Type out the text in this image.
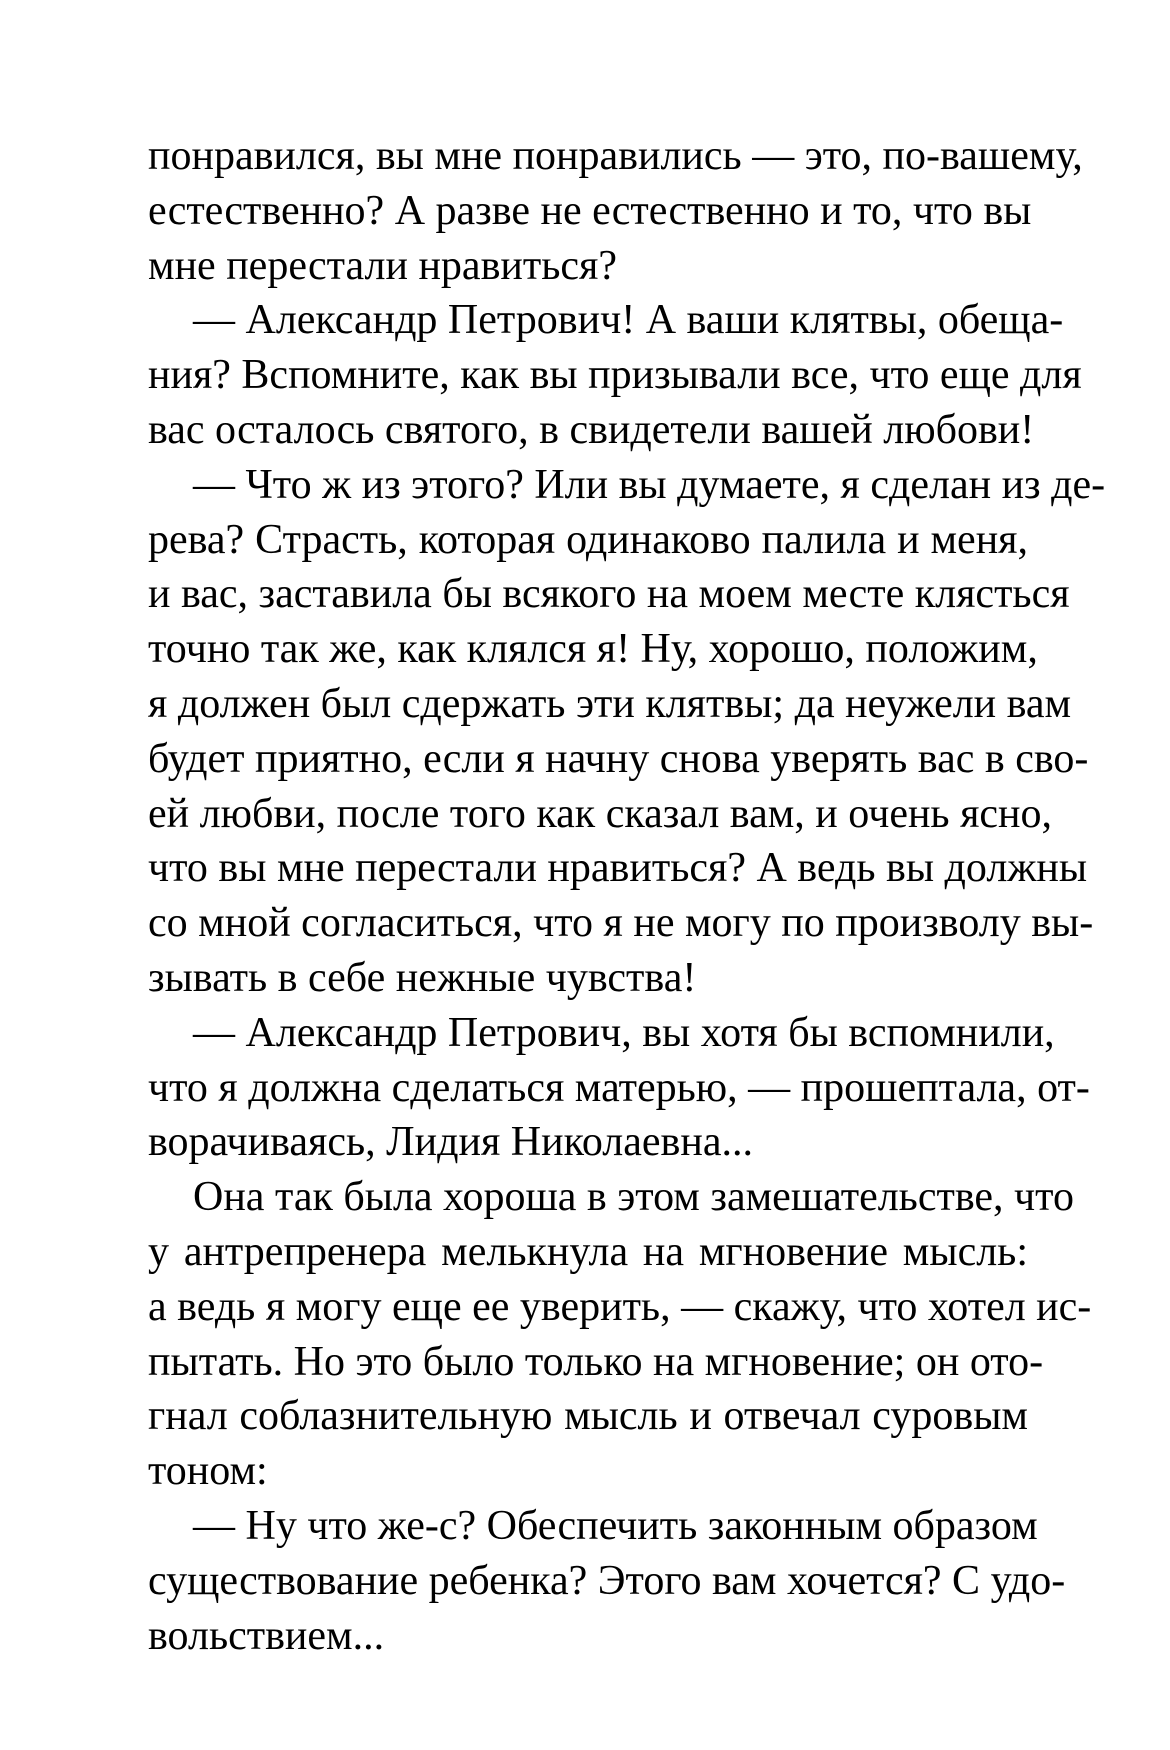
понравился, вы мне понравились — это, по-вашему,
естественно? А разве не естественно и то, что вы
мне перестали нравиться?
— Александр Петрович! А ваши клятвы, обеща-
ния? Вспомните, как вы призывали все, что еще для
вас осталось святого, в свидетели вашей любови!
— Что ж из этого? Или вы думаете, я сделан из де-
рева? Страсть, которая одинаково палила и меня,
и вас, заставила бы всякого на моем месте клясться
точно так же, как клялся я! Ну, хорошо, положим,
я должен был сдержать эти клятвы; да неужели вам
будет приятно, если я начну снова уверять вас в сво-
ей любви, после того как сказал вам, и очень ясно,
что вы мне перестали нравиться? А ведь вы должны
со мной согласиться, что я не могу по произволу вы-
зывать в себе нежные чувства!
— Александр Петрович, вы хотя бы вспомнили,
что я должна сделаться матерью, — прошептала, от-
ворачиваясь, Лидия Николаевна...
Она так была хороша в этом замешательстве, что
у антрепренера мелькнула на мгновение мысль:
а ведь я могу еще ее уверить, — скажу, что хотел ис-
пытать. Но это было только на мгновение; он ото-
гнал соблазнительную мысль и отвечал суровым
тоном:
— Ну что же-с? Обеспечить законным образом
существование ребенка? Этого вам хочется? С удо-
вольствием...
